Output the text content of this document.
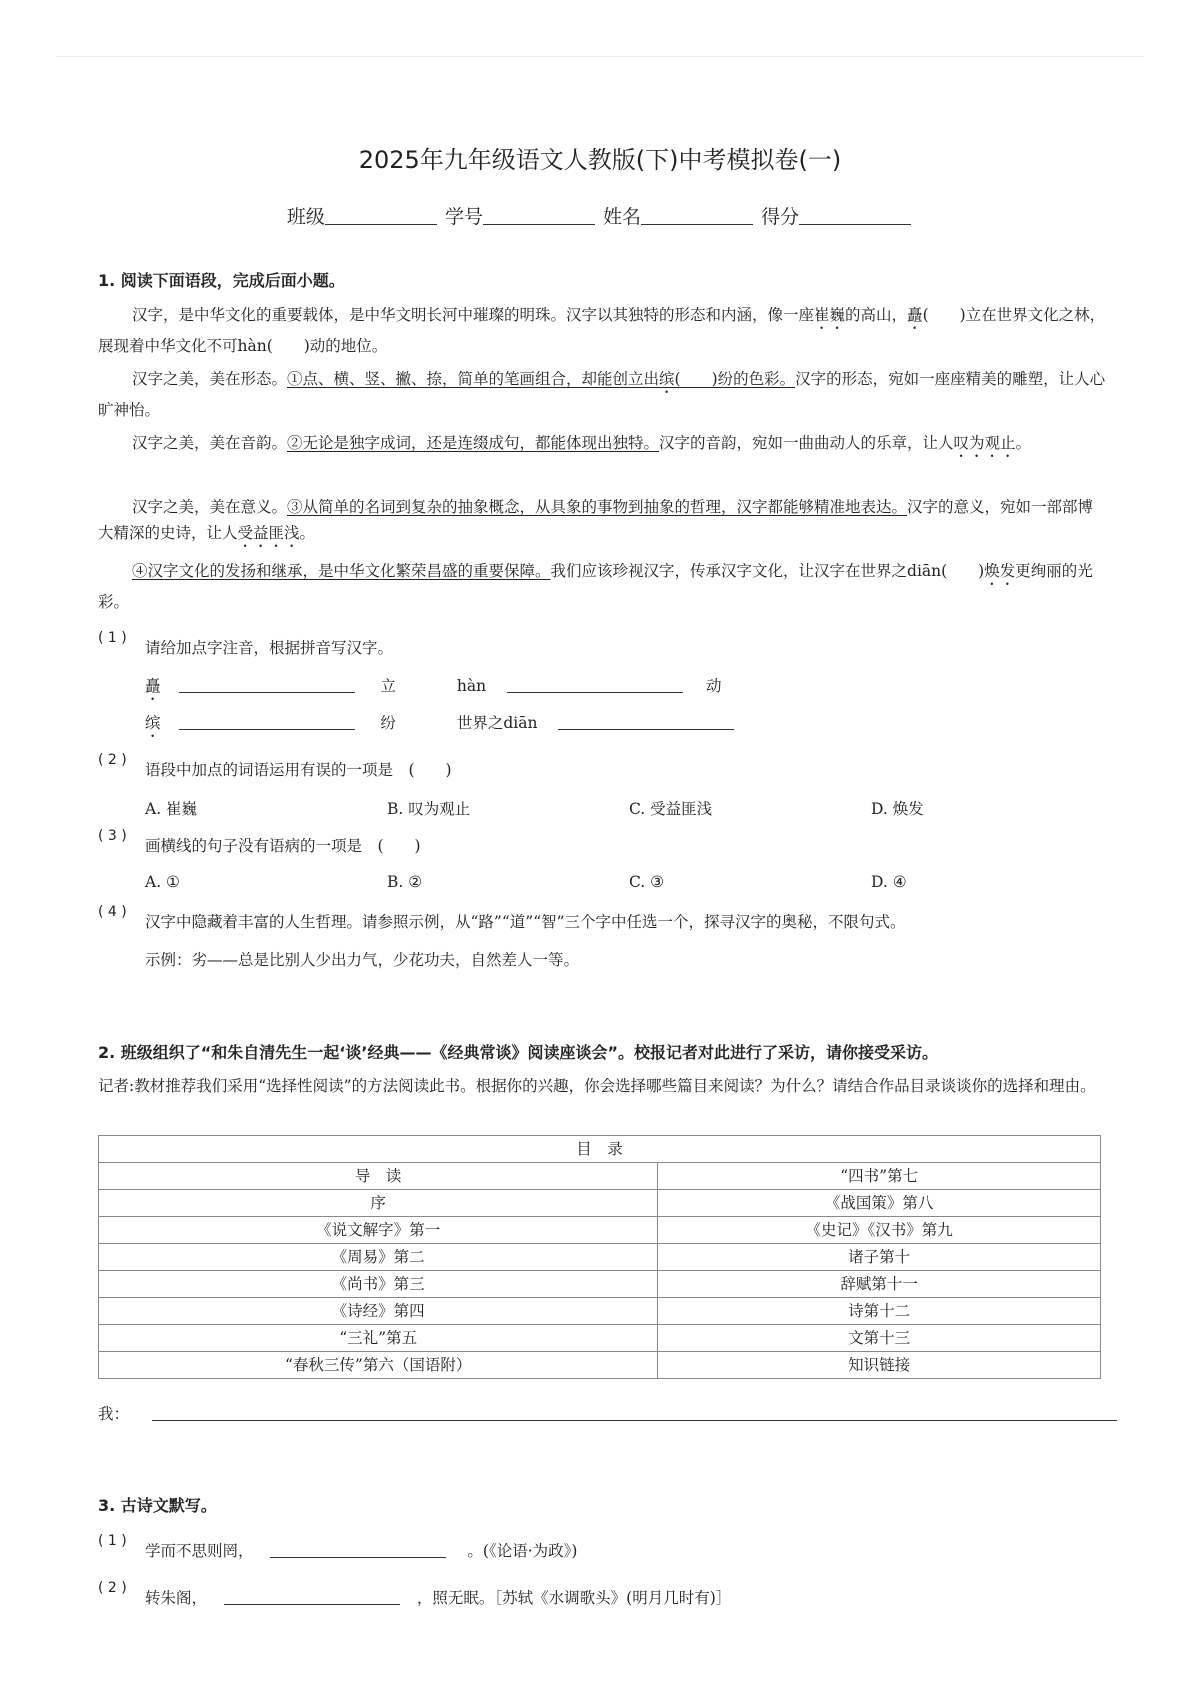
2025年九年级语文人教版(下)中考模拟卷(一)
班级	学号	姓名	得分
1. 阅读下面语段，完成后面小题。
汉字，是中华文化的重要载体，是中华文明长河中璀璨的明珠。汉字以其独特的形态和内涵，像一座崔巍的高山，矗(　　)立在世界文化之林，展现着中华文化不可hàn(　　)动的地位。
汉字之美，美在形态。①点、横、竖、撇、捺，简单的笔画组合，却能创立出缤(　　)纷的色彩。汉字的形态，宛如一座座精美的雕塑，让人心旷神怡。
汉字之美，美在音韵。②无论是独字成词，还是连缀成句，都能体现出独特。汉字的音韵，宛如一曲曲动人的乐章，让人叹为观止。
汉字之美，美在意义。③从简单的名词到复杂的抽象概念，从具象的事物到抽象的哲理，汉字都能够精准地表达。汉字的意义，宛如一部部博大精深的史诗，让人受益匪浅。
④汉字文化的发扬和继承，是中华文化繁荣昌盛的重要保障。我们应该珍视汉字，传承汉字文化，让汉字在世界之diān(　　)焕发更绚丽的光彩。
( 1 )
请给加点字注音，根据拼音写汉字。
矗	立	hàn	动
缤	纷	世界之diān
( 2 )
语段中加点的词语运用有误的一项是　(　　)
A. 崔巍	B. 叹为观止	C. 受益匪浅	D. 焕发
( 3 )
画横线的句子没有语病的一项是　(　　)
A. ①	B. ②	C. ③	D. ④
( 4 )
汉字中隐藏着丰富的人生哲理。请参照示例，从“路”“道”“智”三个字中任选一个，探寻汉字的奥秘，不限句式。
示例：劣——总是比别人少出力气，少花功夫，自然差人一等。
2. 班级组织了“和朱自清先生一起‘谈’经典——《经典常谈》阅读座谈会”。校报记者对此进行了采访，请你接受采访。
记者:教材推荐我们采用“选择性阅读”的方法阅读此书。根据你的兴趣，你会选择哪些篇目来阅读？为什么？请结合作品目录谈谈你的选择和理由。
目　录	
导　读	“四书”第七
序	《战国策》第八
《说文解字》第一	《史记》《汉书》第九
《周易》第二	诸子第十
《尚书》第三	辞赋第十一
《诗经》第四	诗第十二
“三礼”第五	文第十三
“春秋三传”第六（国语附）	知识链接
我：
3. 古诗文默写。
( 1 )
学而不思则罔，	。(《论语·为政》)
( 2 )
转朱阁，	，照无眠。［苏轼《水调歌头》(明月几时有)］
